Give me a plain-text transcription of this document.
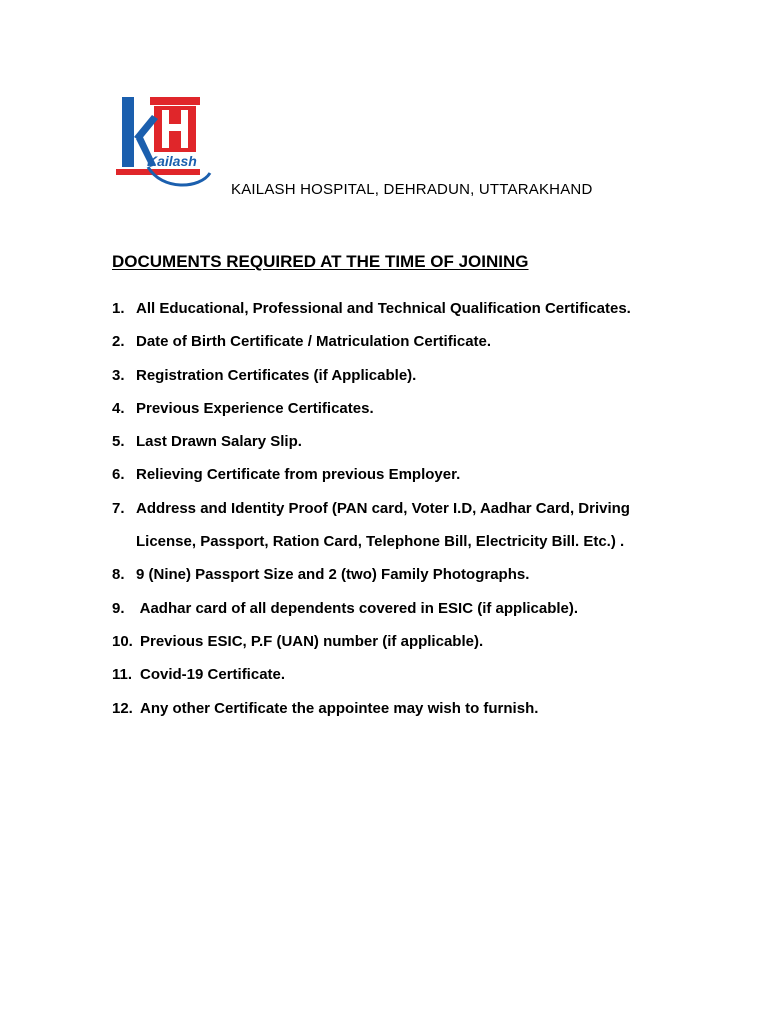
Kailash
KAILASH HOSPITAL, DEHRADUN, UTTARAKHAND
DOCUMENTS REQUIRED AT THE TIME OF JOINING
1. All Educational, Professional and Technical Qualification Certificates.
2. Date of Birth Certificate / Matriculation Certificate.
3. Registration Certificates (if Applicable).
4. Previous Experience Certificates.
5. Last Drawn Salary Slip.
6. Relieving Certificate from previous Employer.
7. Address and Identity Proof (PAN card, Voter I.D, Aadhar Card, Driving
License, Passport, Ration Card, Telephone Bill, Electricity Bill. Etc.) .
8. 9 (Nine) Passport Size and 2 (two) Family Photographs.
9. Aadhar card of all dependents covered in ESIC (if applicable).
10. Previous ESIC, P.F (UAN) number (if applicable).
11. Covid-19 Certificate.
12. Any other Certificate the appointee may wish to furnish.
